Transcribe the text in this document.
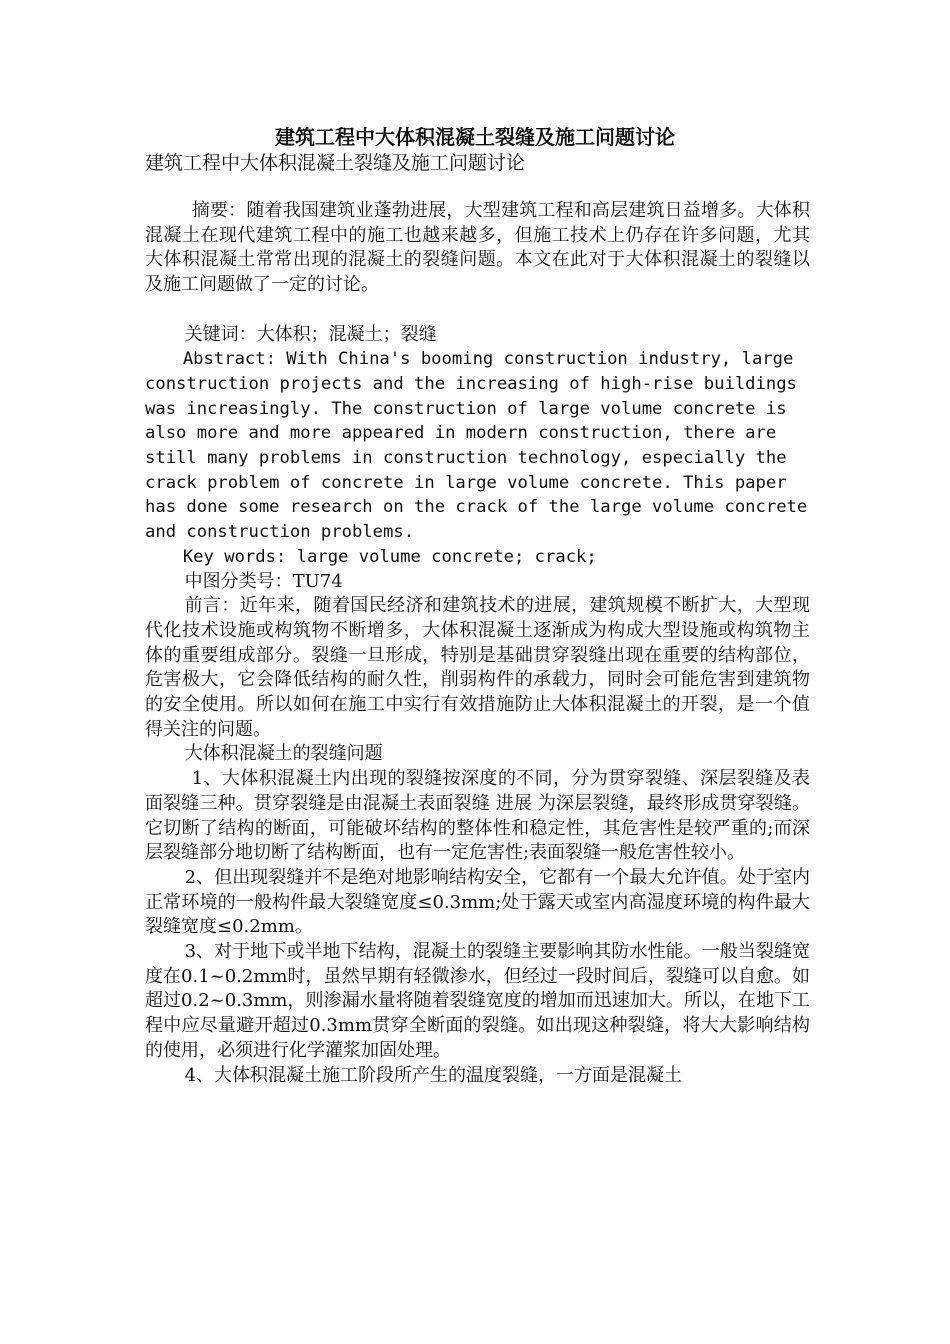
建筑工程中大体积混凝土裂缝及施工问题讨论
建筑工程中大体积混凝土裂缝及施工问题讨论

摘要：随着我国建筑业蓬勃进展，大型建筑工程和高层建筑日益增多。大体积混凝土在现代建筑工程中的施工也越来越多，但施工技术上仍存在许多问题，尤其大体积混凝土常常出现的混凝土的裂缝问题。本文在此对于大体积混凝土的裂缝以及施工问题做了一定的讨论。

关键词：大体积；混凝土；裂缝

Abstract: With China's booming construction industry, large construction projects and the increasing of high-rise buildings was increasingly. The construction of large volume concrete is also more and more appeared in modern construction, there are still many problems in construction technology, especially the crack problem of concrete in large volume concrete. This paper has done some research on the crack of the large volume concrete and construction problems.

Key words: large volume concrete; crack;

中图分类号：TU74

前言：近年来，随着国民经济和建筑技术的进展，建筑规模不断扩大，大型现代化技术设施或构筑物不断增多，大体积混凝土逐渐成为构成大型设施或构筑物主体的重要组成部分。裂缝一旦形成，特别是基础贯穿裂缝出现在重要的结构部位，危害极大，它会降低结构的耐久性，削弱构件的承载力，同时会可能危害到建筑物的安全使用。所以如何在施工中实行有效措施防止大体积混凝土的开裂，是一个值得关注的问题。

大体积混凝土的裂缝问题

1、大体积混凝土内出现的裂缝按深度的不同，分为贯穿裂缝、深层裂缝及表面裂缝三种。贯穿裂缝是由混凝土表面裂缝 进展 为深层裂缝，最终形成贯穿裂缝。它切断了结构的断面，可能破坏结构的整体性和稳定性，其危害性是较严重的;而深层裂缝部分地切断了结构断面，也有一定危害性;表面裂缝一般危害性较小。

2、但出现裂缝并不是绝对地影响结构安全，它都有一个最大允许值。处于室内正常环境的一般构件最大裂缝宽度≤0.3mm;处于露天或室内高湿度环境的构件最大裂缝宽度≤0.2mm。

3、对于地下或半地下结构，混凝土的裂缝主要影响其防水性能。一般当裂缝宽度在0.1~0.2mm时，虽然早期有轻微渗水，但经过一段时间后，裂缝可以自愈。如超过0.2~0.3mm，则渗漏水量将随着裂缝宽度的增加而迅速加大。所以，在地下工程中应尽量避开超过0.3mm贯穿全断面的裂缝。如出现这种裂缝，将大大影响结构的使用，必须进行化学灌浆加固处理。

4、大体积混凝土施工阶段所产生的温度裂缝，一方面是混凝土
